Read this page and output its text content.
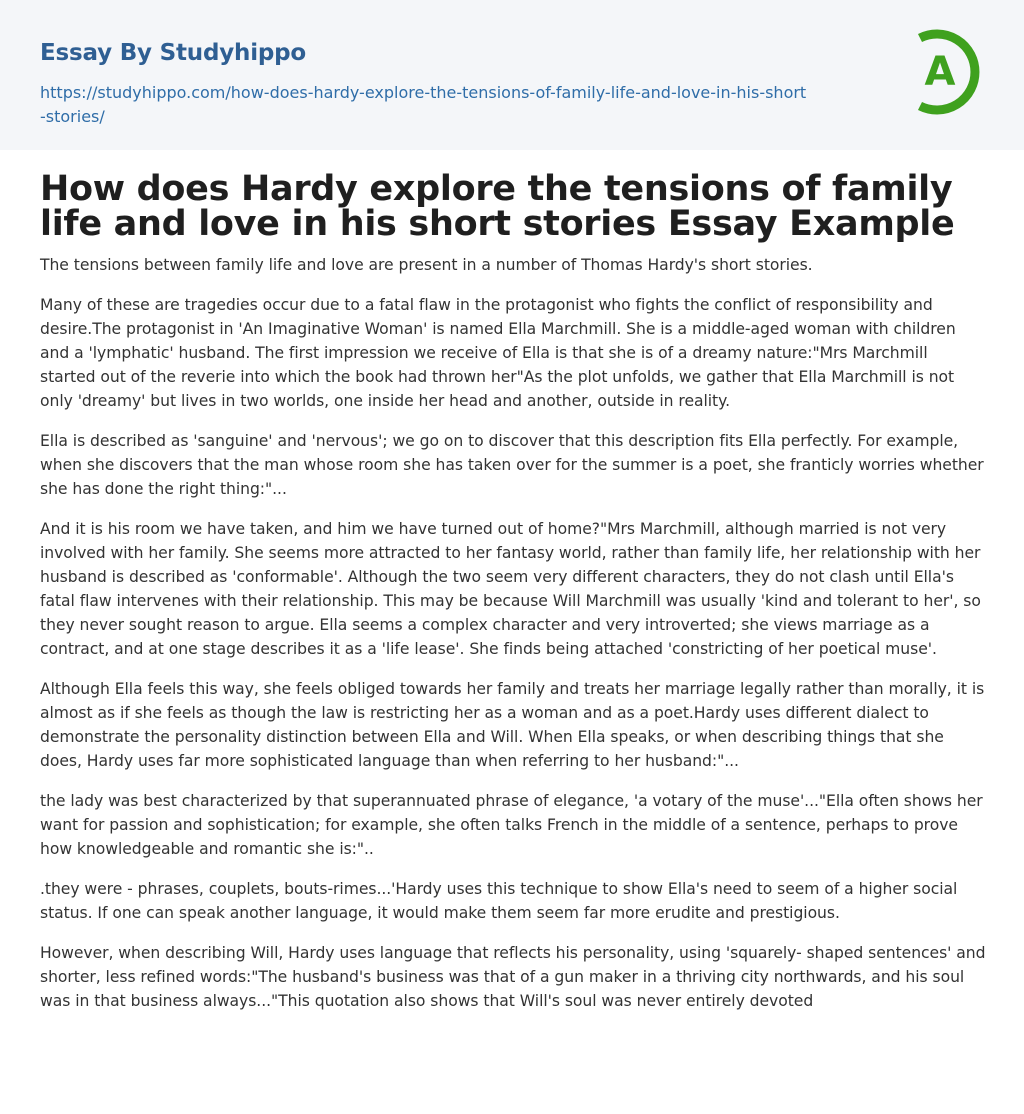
Essay By Studyhippo
https://studyhippo.com/how-does-hardy-explore-the-tensions-of-family-life-and-love-in-his-short-stories/
A
How does Hardy explore the tensions of family life and love in his short stories Essay Example

The tensions between family life and love are present in a number of Thomas Hardy's short stories.

Many of these are tragedies occur due to a fatal flaw in the protagonist who fights the conflict of responsibility and desire.The protagonist in 'An Imaginative Woman' is named Ella Marchmill. She is a middle-aged woman with children and a 'lymphatic' husband. The first impression we receive of Ella is that she is of a dreamy nature:"Mrs Marchmill started out of the reverie into which the book had thrown her"As the plot unfolds, we gather that Ella Marchmill is not only 'dreamy' but lives in two worlds, one inside her head and another, outside in reality.

Ella is described as 'sanguine' and 'nervous'; we go on to discover that this description fits Ella perfectly. For example, when she discovers that the man whose room she has taken over for the summer is a poet, she franticly worries whether she has done the right thing:"...

And it is his room we have taken, and him we have turned out of home?"Mrs Marchmill, although married is not very involved with her family. She seems more attracted to her fantasy world, rather than family life, her relationship with her husband is described as 'conformable'. Although the two seem very different characters, they do not clash until Ella's fatal flaw intervenes with their relationship. This may be because Will Marchmill was usually 'kind and tolerant to her', so they never sought reason to argue. Ella seems a complex character and very introverted; she views marriage as a contract, and at one stage describes it as a 'life lease'. She finds being attached 'constricting of her poetical muse'.

Although Ella feels this way, she feels obliged towards her family and treats her marriage legally rather than morally, it is almost as if she feels as though the law is restricting her as a woman and as a poet.Hardy uses different dialect to demonstrate the personality distinction between Ella and Will. When Ella speaks, or when describing things that she does, Hardy uses far more sophisticated language than when referring to her husband:"...

the lady was best characterized by that superannuated phrase of elegance, 'a votary of the muse'..."Ella often shows her want for passion and sophistication; for example, she often talks French in the middle of a sentence, perhaps to prove how knowledgeable and romantic she is:"..

.they were - phrases, couplets, bouts-rimes...'Hardy uses this technique to show Ella's need to seem of a higher social status. If one can speak another language, it would make them seem far more erudite and prestigious.

However, when describing Will, Hardy uses language that reflects his personality, using 'squarely- shaped sentences' and shorter, less refined words:"The husband's business was that of a gun maker in a thriving city northwards, and his soul was in that business always..."This quotation also shows that Will's soul was never entirely devoted
